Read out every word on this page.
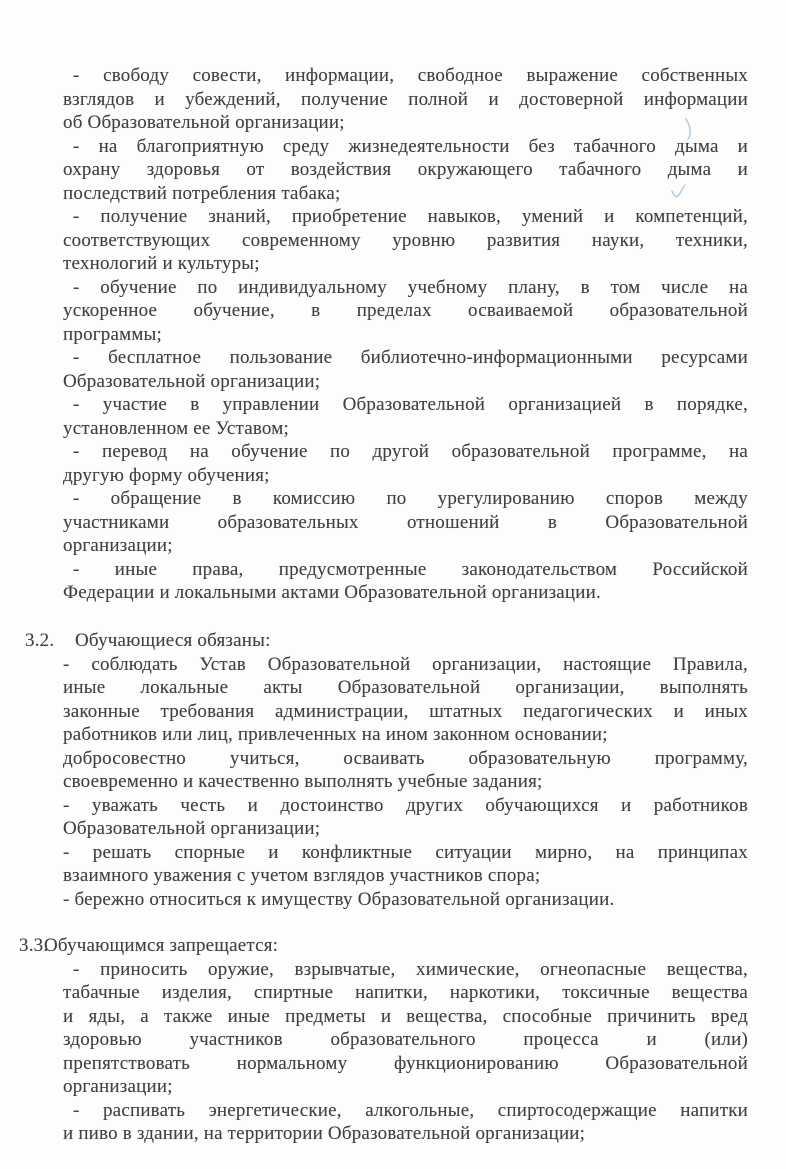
- свободу совести, информации, свободное выражение собственных
взглядов и убеждений, получение полной и достоверной информации
об Образовательной организации;
- на благоприятную среду жизнедеятельности без табачного дыма и
охрану здоровья от воздействия окружающего табачного дыма и
последствий потребления табака;
- получение знаний, приобретение навыков, умений и компетенций,
соответствующих современному уровню развития науки, техники,
технологий и культуры;
- обучение по индивидуальному учебному плану, в том числе на
ускоренное обучение, в пределах осваиваемой образовательной
программы;
- бесплатное пользование библиотечно-информационными ресурсами
Образовательной организации;
- участие в управлении Образовательной организацией в порядке,
установленном ее Уставом;
- перевод на обучение по другой образовательной программе, на
другую форму обучения;
- обращение в комиссию по урегулированию споров между
участниками образовательных отношений в Образовательной
организации;
- иные права, предусмотренные законодательством Российской
Федерации и локальными актами Образовательной организации.
3.2. Обучающиеся обязаны:
- соблюдать Устав Образовательной организации, настоящие Правила,
иные локальные акты Образовательной организации, выполнять
законные требования администрации, штатных педагогических и иных
работников или лиц, привлеченных на ином законном основании;
добросовестно учиться, осваивать образовательную программу,
своевременно и качественно выполнять учебные задания;
- уважать честь и достоинство других обучающихся и работников
Образовательной организации;
- решать спорные и конфликтные ситуации мирно, на принципах
взаимного уважения с учетом взглядов участников спора;
- бережно относиться к имуществу Образовательной организации.
3.3.
Обучающимся запрещается:
- приносить оружие, взрывчатые, химические, огнеопасные вещества,
табачные изделия, спиртные напитки, наркотики, токсичные вещества
и яды, а также иные предметы и вещества, способные причинить вред
здоровью участников образовательного процесса и (или)
препятствовать нормальному функционированию Образовательной
организации;
- распивать энергетические, алкогольные, спиртосодержащие напитки
и пиво в здании, на территории Образовательной организации;
